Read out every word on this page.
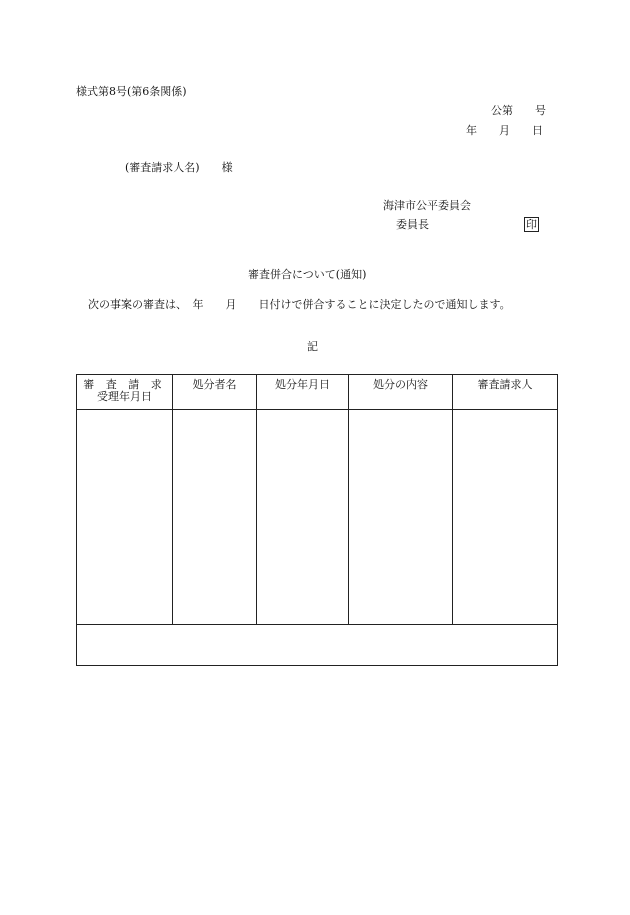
様式第8号(第6条関係)
公第　　号
年　　月　　日
(審査請求人名) 様
海津市公平委員会
委員長	印
審査併合について(通知)
次の事案の審査は、　年　　月　　日付けで併合することに決定したので通知します。
記
審 査 請 求
受理年月日	処分者名	処分年月日	処分の内容	審査請求人
